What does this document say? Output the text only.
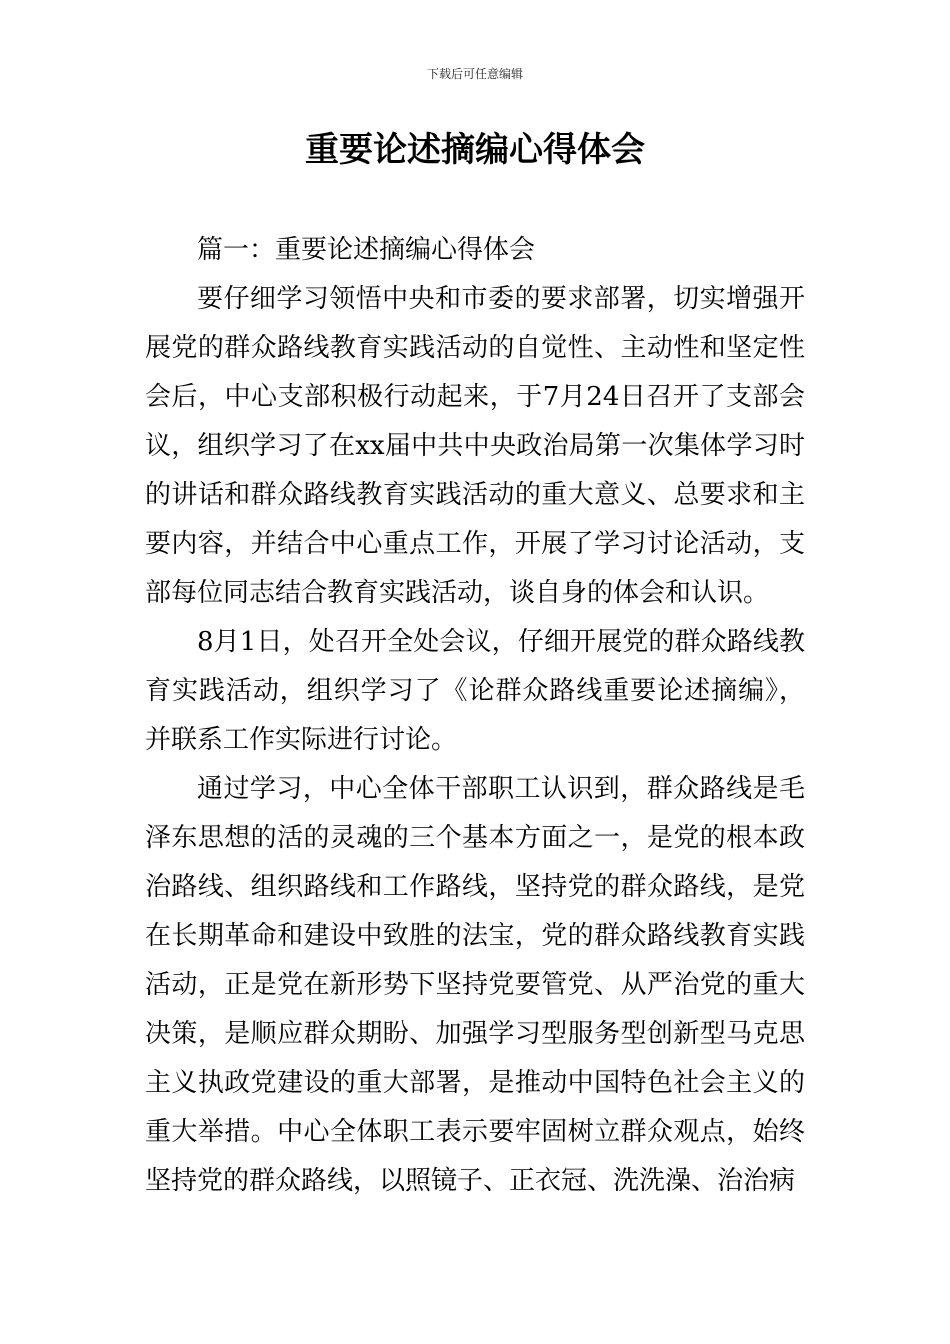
下载后可任意编辑
重要论述摘编心得体会

篇一：重要论述摘编心得体会

要仔细学习领悟中央和市委的要求部署，切实增强开展党的群众路线教育实践活动的自觉性、主动性和坚定性会后，中心支部积极行动起来，于7月24日召开了支部会议，组织学习了在xx届中共中央政治局第一次集体学习时的讲话和群众路线教育实践活动的重大意义、总要求和主要内容，并结合中心重点工作，开展了学习讨论活动，支部每位同志结合教育实践活动，谈自身的体会和认识。

8月1日，处召开全处会议，仔细开展党的群众路线教育实践活动，组织学习了《论群众路线重要论述摘编》，并联系工作实际进行讨论。

通过学习，中心全体干部职工认识到，群众路线是毛泽东思想的活的灵魂的三个基本方面之一，是党的根本政治路线、组织路线和工作路线，坚持党的群众路线，是党在长期革命和建设中致胜的法宝，党的群众路线教育实践活动，正是党在新形势下坚持党要管党、从严治党的重大决策，是顺应群众期盼、加强学习型服务型创新型马克思主义执政党建设的重大部署，是推动中国特色社会主义的重大举措。中心全体职工表示要牢固树立群众观点，始终坚持党的群众路线，以照镜子、正衣冠、洗洗澡、治治病
